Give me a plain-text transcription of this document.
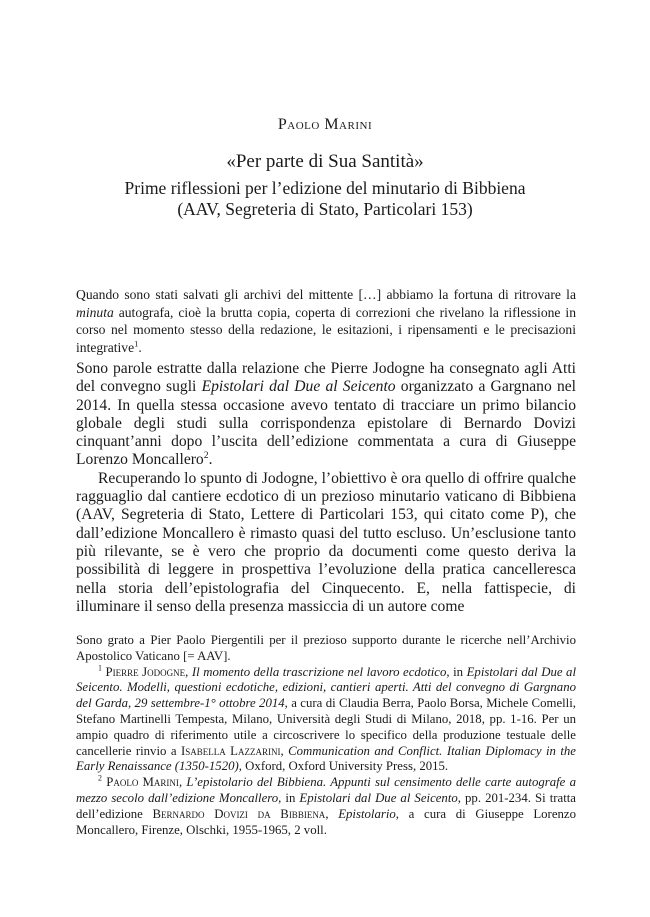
Paolo Marini
«Per parte di Sua Santità»
Prime riflessioni per l’edizione del minutario di Bibbiena
(AAV, Segreteria di Stato, Particolari 153)
Quando sono stati salvati gli archivi del mittente […] abbiamo la fortuna di ritrovare la minuta autografa, cioè la brutta copia, coperta di correzioni che rivelano la riflessione in corso nel momento stesso della redazione, le esitazioni, i ripensamenti e le precisazioni integrative$^1$.

Sono parole estratte dalla relazione che Pierre Jodogne ha consegnato agli Atti del convegno sugli Epistolari dal Due al Seicento organizzato a Gargnano nel 2014. In quella stessa occasione avevo tentato di tracciare un primo bilancio globale degli studi sulla corrispondenza epistolare di Bernardo Dovizi cinquant’anni dopo l’uscita dell’edizione commentata a cura di Giuseppe Lorenzo Moncallero$^2$.

Recuperando lo spunto di Jodogne, l’obiettivo è ora quello di offrire qualche ragguaglio dal cantiere ecdotico di un prezioso minutario vaticano di Bibbiena (AAV, Segreteria di Stato, Lettere di Particolari 153, qui citato come P), che dall’edizione Moncallero è rimasto quasi del tutto escluso. Un’esclusione tanto più rilevante, se è vero che proprio da documenti come questo deriva la possibilità di leggere in prospettiva l’evoluzione della pratica cancelleresca nella storia dell’epistolografia del Cinquecento. E, nella fattispecie, di illuminare il senso della presenza massiccia di un autore come

Sono grato a Pier Paolo Piergentili per il prezioso supporto durante le ricerche nell’Archivio Apostolico Vaticano [= AAV].

$^1$ Pierre Jodogne, Il momento della trascrizione nel lavoro ecdotico, in Epistolari dal Due al Seicento. Modelli, questioni ecdotiche, edizioni, cantieri aperti. Atti del convegno di Gargnano del Garda, 29 settembre-1° ottobre 2014, a cura di Claudia Berra, Paolo Borsa, Michele Comelli, Stefano Martinelli Tempesta, Milano, Università degli Studi di Milano, 2018, pp. 1-16. Per un ampio quadro di riferimento utile a circoscrivere lo specifico della produzione testuale delle cancellerie rinvio a Isabella Lazzarini, Communication and Conflict. Italian Diplomacy in the Early Renaissance (1350-1520), Oxford, Oxford University Press, 2015.

$^2$ Paolo Marini, L’epistolario del Bibbiena. Appunti sul censimento delle carte autografe a mezzo secolo dall’edizione Moncallero, in Epistolari dal Due al Seicento, pp. 201-234. Si tratta dell’edizione Bernardo Dovizi da Bibbiena, Epistolario, a cura di Giuseppe Lorenzo Moncallero, Firenze, Olschki, 1955-1965, 2 voll.
